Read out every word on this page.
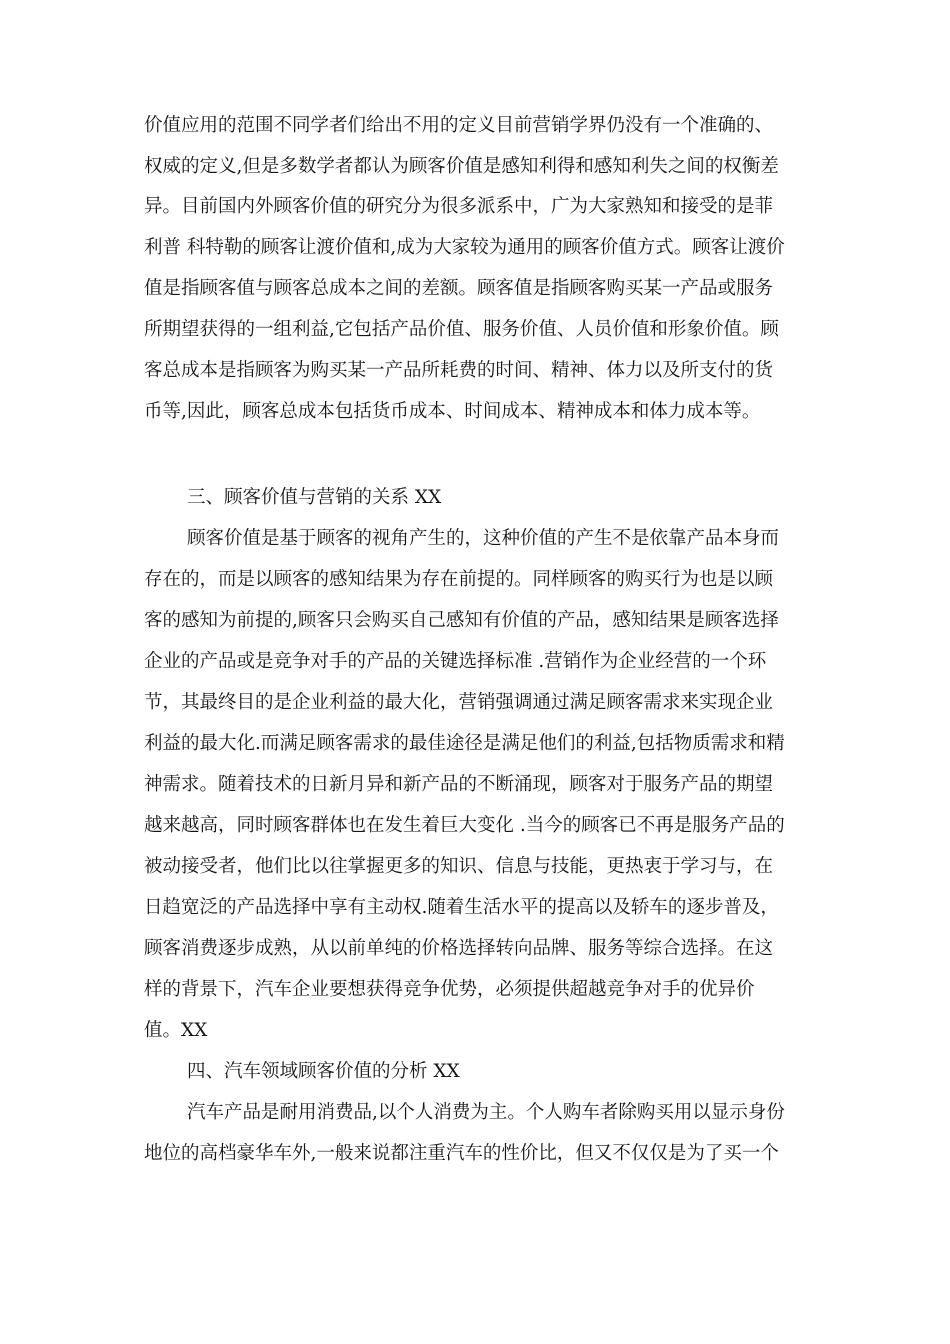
价值应用的范围不同学者们给出不用的定义目前营销学界仍没有一个准确的、
权威的定义,但是多数学者都认为顾客价值是感知利得和感知利失之间的权衡差
异。目前国内外顾客价值的研究分为很多派系中，广为大家熟知和接受的是菲
利普 科特勒的顾客让渡价值和,成为大家较为通用的顾客价值方式。顾客让渡价
值是指顾客值与顾客总成本之间的差额。顾客值是指顾客购买某一产品或服务
所期望获得的一组利益,它包括产品价值、服务价值、人员价值和形象价值。顾
客总成本是指顾客为购买某一产品所耗费的时间、精神、体力以及所支付的货
币等,因此，顾客总成本包括货币成本、时间成本、精神成本和体力成本等。
三、顾客价值与营销的关系 XX
顾客价值是基于顾客的视角产生的，这种价值的产生不是依靠产品本身而
存在的，而是以顾客的感知结果为存在前提的。同样顾客的购买行为也是以顾
客的感知为前提的,顾客只会购买自己感知有价值的产品，感知结果是顾客选择
企业的产品或是竞争对手的产品的关键选择标准 .营销作为企业经营的一个环
节，其最终目的是企业利益的最大化，营销强调通过满足顾客需求来实现企业
利益的最大化.而满足顾客需求的最佳途径是满足他们的利益,包括物质需求和精
神需求。随着技术的日新月异和新产品的不断涌现，顾客对于服务产品的期望
越来越高，同时顾客群体也在发生着巨大变化 .当今的顾客已不再是服务产品的
被动接受者，他们比以往掌握更多的知识、信息与技能，更热衷于学习与，在
日趋宽泛的产品选择中享有主动权.随着生活水平的提高以及轿车的逐步普及，
顾客消费逐步成熟，从以前单纯的价格选择转向品牌、服务等综合选择。在这
样的背景下，汽车企业要想获得竞争优势，必须提供超越竞争对手的优异价
值。XX
四、汽车领域顾客价值的分析 XX
汽车产品是耐用消费品,以个人消费为主。个人购车者除购买用以显示身份
地位的高档豪华车外,一般来说都注重汽车的性价比，但又不仅仅是为了买一个
